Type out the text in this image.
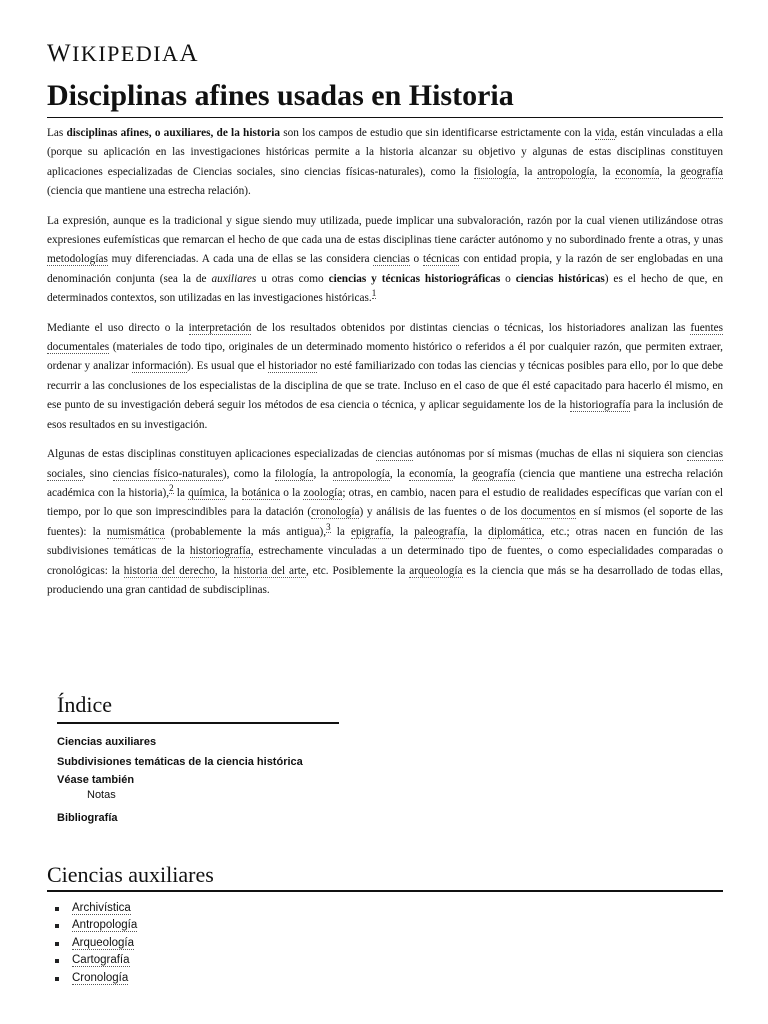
WIKIPEDIAA
Disciplinas afines usadas en Historia

Las disciplinas afines, o auxiliares, de la historia son los campos de estudio que sin identificarse estrictamente con la vida, están vinculadas a ella (porque su aplicación en las investigaciones históricas permite a la historia alcanzar su objetivo y algunas de estas disciplinas constituyen aplicaciones especializadas de Ciencias sociales, sino ciencias físicas-naturales), como la fisiología, la antropología, la economía, la geografía (ciencia que mantiene una estrecha relación).

La expresión, aunque es la tradicional y sigue siendo muy utilizada, puede implicar una subvaloración, razón por la cual vienen utilizándose otras expresiones eufemísticas que remarcan el hecho de que cada una de estas disciplinas tiene carácter autónomo y no subordinado frente a otras, y unas metodologías muy diferenciadas. A cada una de ellas se las considera ciencias o técnicas con entidad propia, y la razón de ser englobadas en una denominación conjunta (sea la de auxiliares u otras como ciencias y técnicas historiográficas o ciencias históricas) es el hecho de que, en determinados contextos, son utilizadas en las investigaciones históricas.$^1$

Mediante el uso directo o la interpretación de los resultados obtenidos por distintas ciencias o técnicas, los historiadores analizan las fuentes documentales (materiales de todo tipo, originales de un determinado momento histórico o referidos a él por cualquier razón, que permiten extraer, ordenar y analizar información). Es usual que el historiador no esté familiarizado con todas las ciencias y técnicas posibles para ello, por lo que debe recurrir a las conclusiones de los especialistas de la disciplina de que se trate. Incluso en el caso de que él esté capacitado para hacerlo él mismo, en ese punto de su investigación deberá seguir los métodos de esa ciencia o técnica, y aplicar seguidamente los de la historiografía para la inclusión de esos resultados en su investigación.

Algunas de estas disciplinas constituyen aplicaciones especializadas de ciencias autónomas por sí mismas (muchas de ellas ni siquiera son ciencias sociales, sino ciencias físico-naturales), como la filología, la antropología, la economía, la geografía (ciencia que mantiene una estrecha relación académica con la historia),$^2$ la química, la botánica o la zoología; otras, en cambio, nacen para el estudio de realidades específicas que varían con el tiempo, por lo que son imprescindibles para la datación (cronología) y análisis de las fuentes o de los documentos en sí mismos (el soporte de las fuentes): la numismática (probablemente la más antigua),$^3$ la epigrafía, la paleografía, la diplomática, etc.; otras nacen en función de las subdivisiones temáticas de la historiografía, estrechamente vinculadas a un determinado tipo de fuentes, o como especialidades comparadas o cronológicas: la historia del derecho, la historia del arte, etc. Posiblemente la arqueología es la ciencia que más se ha desarrollado de todas ellas, produciendo una gran cantidad de subdisciplinas.

Índice
Ciencias auxiliares
Subdivisiones temáticas de la ciencia histórica
Véase también
Notas
Bibliografía
Ciencias auxiliares
Archivística
Antropología
Arqueología
Cartografía
Cronología
